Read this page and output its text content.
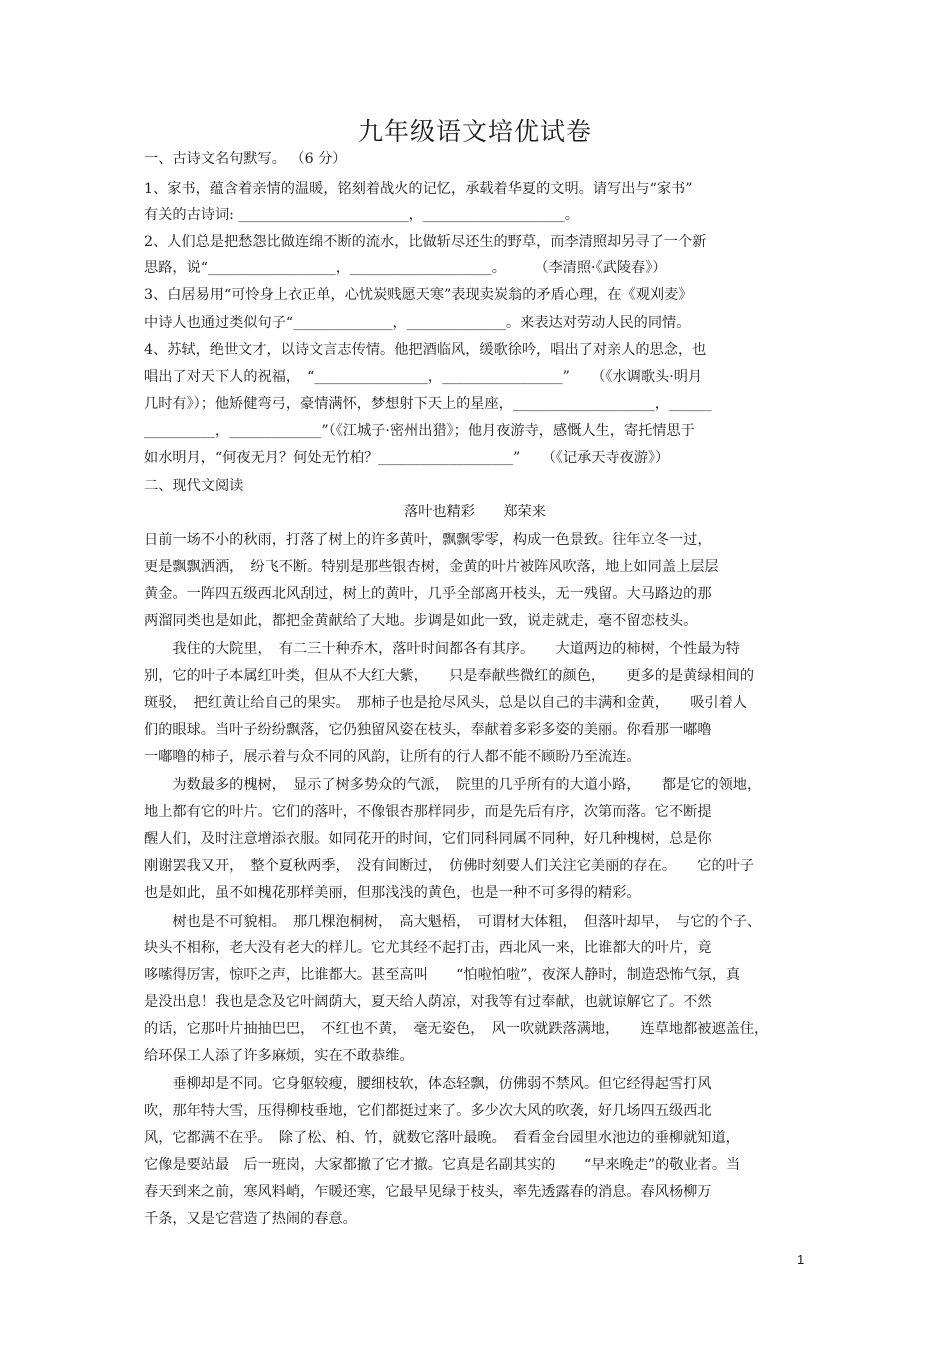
九年级语文培优试卷
一、古诗文名句默写。 （6 分）
1、家书，蕴含着亲情的温暖，铭刻着战火的记忆，承载着华夏的文明。请写出与“家书”
有关的古诗词: ________________________，____________________。
2、人们总是把愁怨比做连绵不断的流水，比做斩尽还生的野草，而李清照却另寻了一个新
思路，说“__________________，____________________。　　　（李清照·《武陵春》）
3、白居易用“可怜身上衣正单，心忧炭贱愿天寒”表现卖炭翁的矛盾心理，在《观刈麦》
中诗人也通过类似句子“______________，______________。来表达对劳动人民的同情。
4、苏轼，绝世文才，以诗文言志传情。他把酒临风，缓歌徐吟，唱出了对亲人的思念，也
唱出了对天下人的祝福，　“________________，_________________”　　（《水调歌头·明月
几时有》）；他矫健弯弓，豪情满怀，梦想射下天上的星座，____________________，______
__________，_____________”（《江城子·密州出猎》；他月夜游寺，感慨人生，寄托情思于
如水明月，“何夜无月？何处无竹柏？___________________”　　（《记承天寺夜游》）
二、现代文阅读
落叶也精彩　　郑荣来
日前一场不小的秋雨，打落了树上的许多黄叶，飘飘零零，构成一色景致。往年立冬一过，
更是飘飘洒洒，　纷飞不断。特别是那些银杏树，金黄的叶片被阵风吹落，地上如同盖上层层
黄金。一阵四五级西北风刮过，树上的黄叶，几乎全部离开枝头，无一残留。大马路边的那
两溜同类也是如此，都把金黄献给了大地。步调是如此一致，说走就走，毫不留恋枝头。
　　我住的大院里，　有二三十种乔木，落叶时间都各有其序。　　大道两边的柿树，个性最为特
别，它的叶子本属红叶类，但从不大红大紫，　　只是奉献些微红的颜色，　　更多的是黄绿相间的
斑驳，　把红黄让给自己的果实。　那柿子也是抢尽风头，总是以自己的丰满和金黄，　　吸引着人
们的眼球。当叶子纷纷飘落，它仍独留风姿在枝头，奉献着多彩多姿的美丽。你看那一嘟噜
一嘟噜的柿子，展示着与众不同的风韵，让所有的行人都不能不顾盼乃至流连。
　　为数最多的槐树，　显示了树多势众的气派，　院里的几乎所有的大道小路，　　都是它的领地，
地上都有它的叶片。它们的落叶，不像银杏那样同步，而是先后有序，次第而落。它不断提
醒人们，及时注意增添衣服。如同花开的时间，它们同科同属不同种，好几种槐树，总是你
刚谢罢我又开，　整个夏秋两季，　没有间断过，　仿佛时刻要人们关注它美丽的存在。　　它的叶子
也是如此，虽不如槐花那样美丽，但那浅浅的黄色，也是一种不可多得的精彩。
　　树也是不可貌相。　那几棵泡桐树，　高大魁梧，　可谓材大体粗，　但落叶却早，　与它的个子、
块头不相称，老大没有老大的样儿。它尤其经不起打击，西北风一来，比谁都大的叶片，竟
哆嗦得厉害，惊吓之声，比谁都大。甚至高叫　　“怕啦怕啦”，夜深人静时，制造恐怖气氛，真
是没出息！我也是念及它叶阔荫大，夏天给人荫凉，对我等有过奉献，也就谅解它了。不然
的话，它那叶片抽抽巴巴，　不红也不黄，　毫无姿色，　风一吹就跌落满地，　　连草地都被遮盖住，
给环保工人添了许多麻烦，实在不敢恭维。
　　垂柳却是不同。它身躯较瘦，腰细枝软，体态轻飘，仿佛弱不禁风。但它经得起雪打风
吹，那年特大雪，压得柳枝垂地，它们都挺过来了。多少次大风的吹袭，好几场四五级西北
风，它都满不在乎。　除了松、柏、竹，就数它落叶最晚。　看看金台园里水池边的垂柳就知道，
它像是要站最　后一班岗，大家都撤了它才撤。它真是名副其实的　　“早来晚走”的敬业者。当
春天到来之前，寒风料峭，乍暖还寒，它最早见绿于枝头，率先透露春的消息。春风杨柳万
千条，又是它营造了热闹的春意。
1
